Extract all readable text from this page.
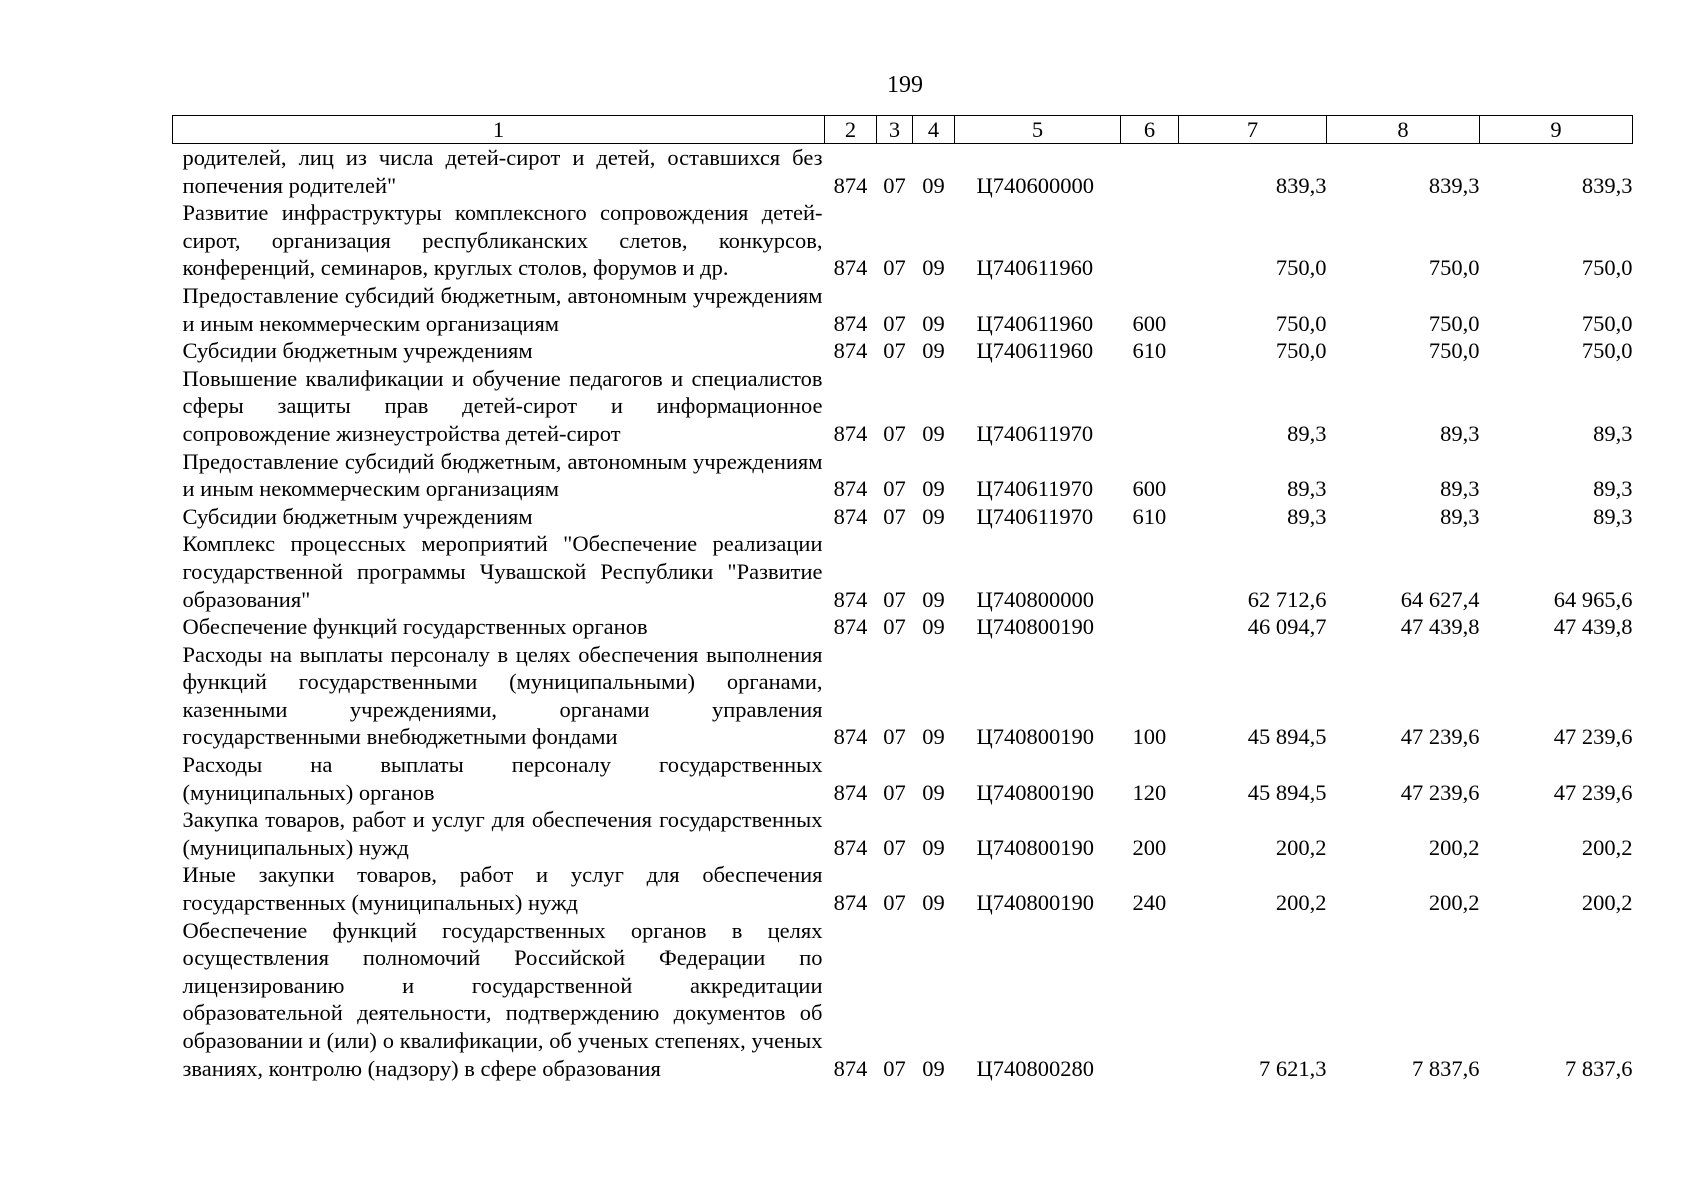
199
1	2	3	4	5	6	7	8	9
родителей, лиц из числа детей-сирот и детей, оставшихся без попечения родителей"	874	07	09	Ц740600000		839,3	839,3	839,3
Развитие инфраструктуры комплексного сопровождения детей-сирот, организация республиканских слетов, конкурсов, конференций, семинаров, круглых столов, форумов и др.	874	07	09	Ц740611960		750,0	750,0	750,0
Предоставление субсидий бюджетным, автономным учреждениям и иным некоммерческим организациям	874	07	09	Ц740611960	600	750,0	750,0	750,0
Субсидии бюджетным учреждениям	874	07	09	Ц740611960	610	750,0	750,0	750,0
Повышение квалификации и обучение педагогов и специалистов сферы защиты прав детей-сирот и информационное сопровождение жизнеустройства детей-сирот	874	07	09	Ц740611970		89,3	89,3	89,3
Предоставление субсидий бюджетным, автономным учреждениям и иным некоммерческим организациям	874	07	09	Ц740611970	600	89,3	89,3	89,3
Субсидии бюджетным учреждениям	874	07	09	Ц740611970	610	89,3	89,3	89,3
Комплекс процессных мероприятий "Обеспечение реализации государственной программы Чувашской Республики "Развитие образования"	874	07	09	Ц740800000		62 712,6	64 627,4	64 965,6
Обеспечение функций государственных органов	874	07	09	Ц740800190		46 094,7	47 439,8	47 439,8
Расходы на выплаты персоналу в целях обеспечения выполнения функций государственными (муниципальными) органами, казенными учреждениями, органами управления государственными внебюджетными фондами	874	07	09	Ц740800190	100	45 894,5	47 239,6	47 239,6
Расходы на выплаты персоналу государственных (муниципальных) органов	874	07	09	Ц740800190	120	45 894,5	47 239,6	47 239,6
Закупка товаров, работ и услуг для обеспечения государственных (муниципальных) нужд	874	07	09	Ц740800190	200	200,2	200,2	200,2
Иные закупки товаров, работ и услуг для обеспечения государственных (муниципальных) нужд	874	07	09	Ц740800190	240	200,2	200,2	200,2
Обеспечение функций государственных органов в целях осуществления полномочий Российской Федерации по лицензированию и государственной аккредитации образовательной деятельности, подтверждению документов об образовании и (или) о квалификации, об ученых степенях, ученых званиях, контролю (надзору) в сфере образования	874	07	09	Ц740800280		7 621,3	7 837,6	7 837,6
